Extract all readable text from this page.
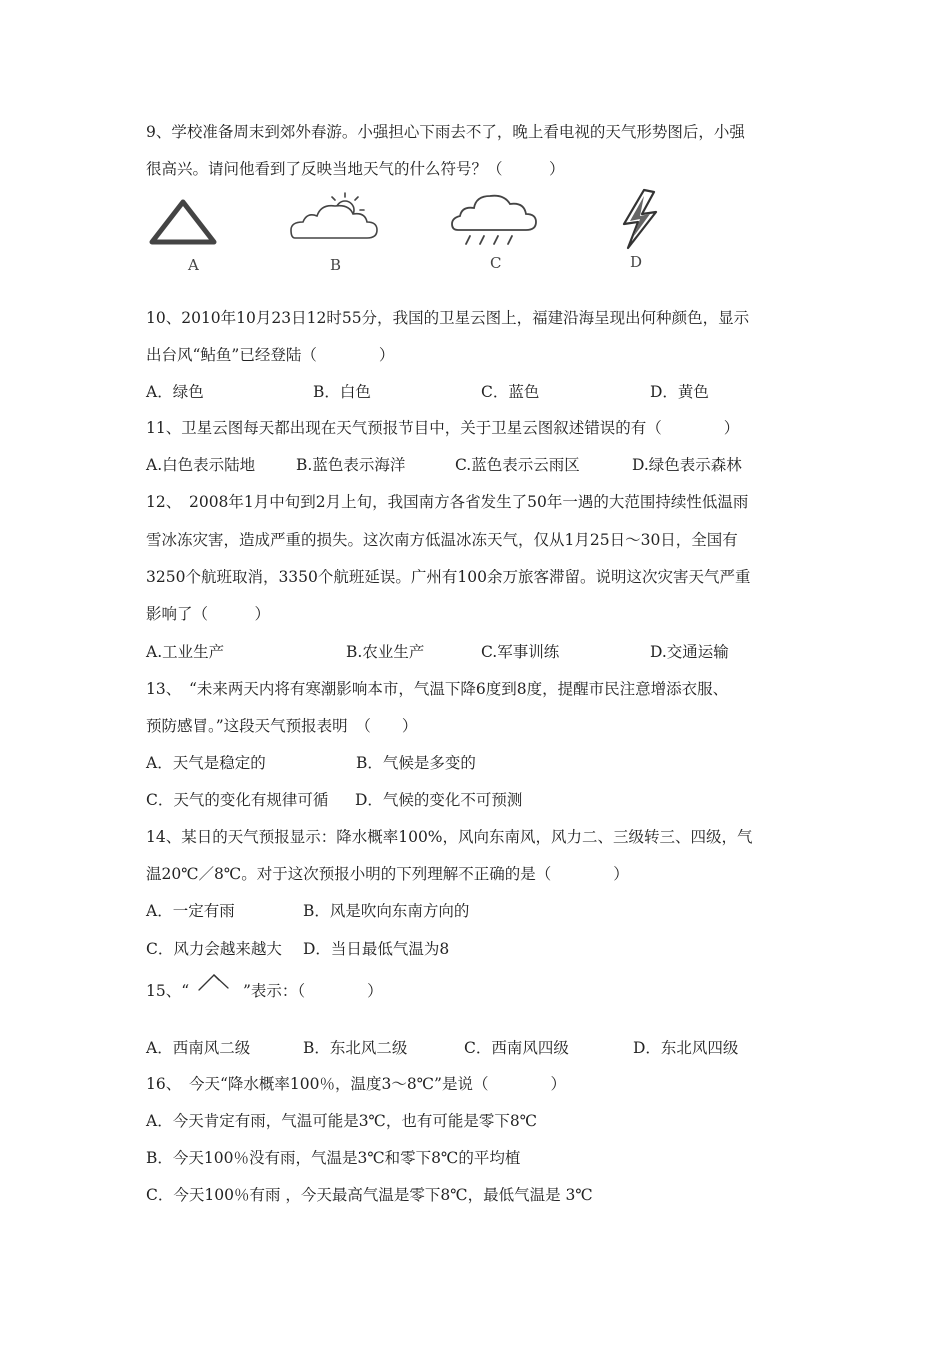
9、学校准备周末到郊外春游。小强担心下雨去不了，晚上看电视的天气形势图后，小强
很高兴。请问他看到了反映当地天气的什么符号？（　　　）
A	B	C	D
10、2010年10月23日12时55分，我国的卫星云图上，福建沿海呈现出何种颜色，显示
出台风“鲇鱼”已经登陆（　　　　）
A．绿色	B．白色	C．蓝色	D．黄色
11、卫星云图每天都出现在天气预报节目中，关于卫星云图叙述错误的有（　　　　）
A.白色表示陆地	B.蓝色表示海洋	C.蓝色表示云雨区	D.绿色表示森林
12、　2008年1月中旬到2月上旬，我国南方各省发生了50年一遇的大范围持续性低温雨
雪冰冻灾害，造成严重的损失。这次南方低温冰冻天气，仅从1月25日～30日，全国有
3250个航班取消，3350个航班延误。广州有100余万旅客滞留。说明这次灾害天气严重
影响了（　　　）
A.工业生产	B.农业生产	C.军事训练	D.交通运输
13、　“未来两天内将有寒潮影响本市，气温下降6度到8度，提醒市民注意增添衣服、
预防感冒。”这段天气预报表明　（　　）
A．天气是稳定的	B．气候是多变的
C．天气的变化有规律可循 D．气候的变化不可预测
14、某日的天气预报显示：降水概率100%，风向东南风，风力二、三级转三、四级，气
温20℃／8℃。对于这次预报小明的下列理解不正确的是（　　　　）
A．一定有雨	B．风是吹向东南方向的
C．风力会越来越大 D．当日最低气温为8
15、“	”表示：（　　　　）
A．西南风二级	B．东北风二级	C．西南风四级	D．东北风四级
16、　今天“降水概率100％，温度3～8℃”是说（　　　　）
A．今天肯定有雨，气温可能是3℃，也有可能是零下8℃
B．今天100％没有雨，气温是3℃和零下8℃的平均植
C．今天100％有雨 ，今天最高气温是零下8℃，最低气温是 3℃
